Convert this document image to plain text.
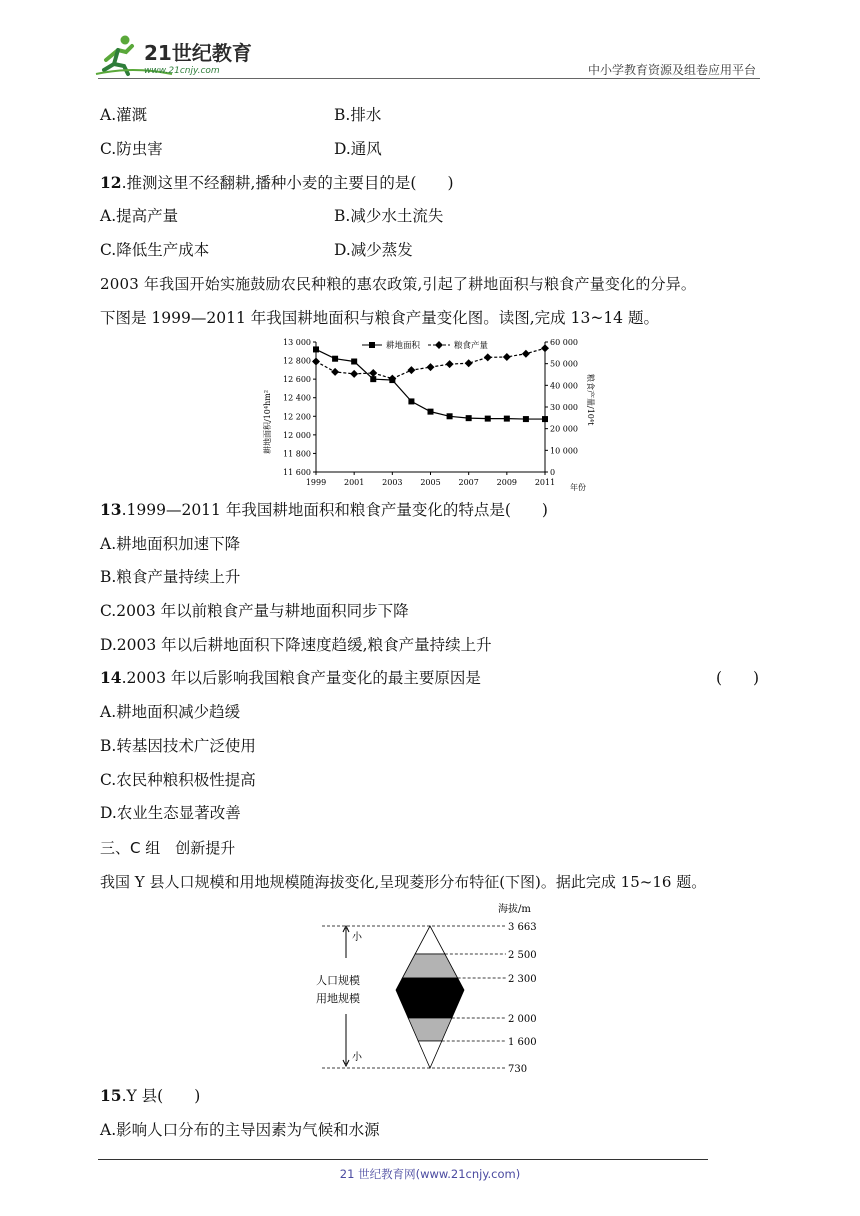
21世纪教育
www.21cnjy.com	中小学教育资源及组卷应用平台
A.灌溉	B.排水
C.防虫害	D.通风
12.推测这里不经翻耕,播种小麦的主要目的是(　　)
A.提高产量	B.减少水土流失
C.降低生产成本	D.减少蒸发
2003 年我国开始实施鼓励农民种粮的惠农政策,引起了耕地面积与粮食产量变化的分异。
下图是 1999—2011 年我国耕地面积与粮食产量变化图。读图,完成 13~14 题。
11 600
11 800
12 000
12 200
12 400
12 600
12 800
13 000
0
10 000
20 000
30 000
40 000
50 000
60 000
1999 2001 2003 2005 2007 2009 2011
耕地面积	粮食产量
耕地面积/10⁴hm²	粮食产量/10⁴t
年份
13.1999—2011 年我国耕地面积和粮食产量变化的特点是(　　)
A.耕地面积加速下降
B.粮食产量持续上升
C.2003 年以前粮食产量与耕地面积同步下降
D.2003 年以后耕地面积下降速度趋缓,粮食产量持续上升
14.2003 年以后影响我国粮食产量变化的最主要原因是	(　　)
A.耕地面积减少趋缓
B.转基因技术广泛使用
C.农民种粮积极性提高
D.农业生态显著改善
三、C 组　创新提升
我国 Y 县人口规模和用地规模随海拔变化,呈现菱形分布特征(下图)。据此完成 15~16 题。
海拔/m
3 663
2 500
2 300
2 000
1 600
730
小
小
人口规模
用地规模
15.Y 县(　　)
A.影响人口分布的主导因素为气候和水源
21 世纪教育网(www.21cnjy.com)
